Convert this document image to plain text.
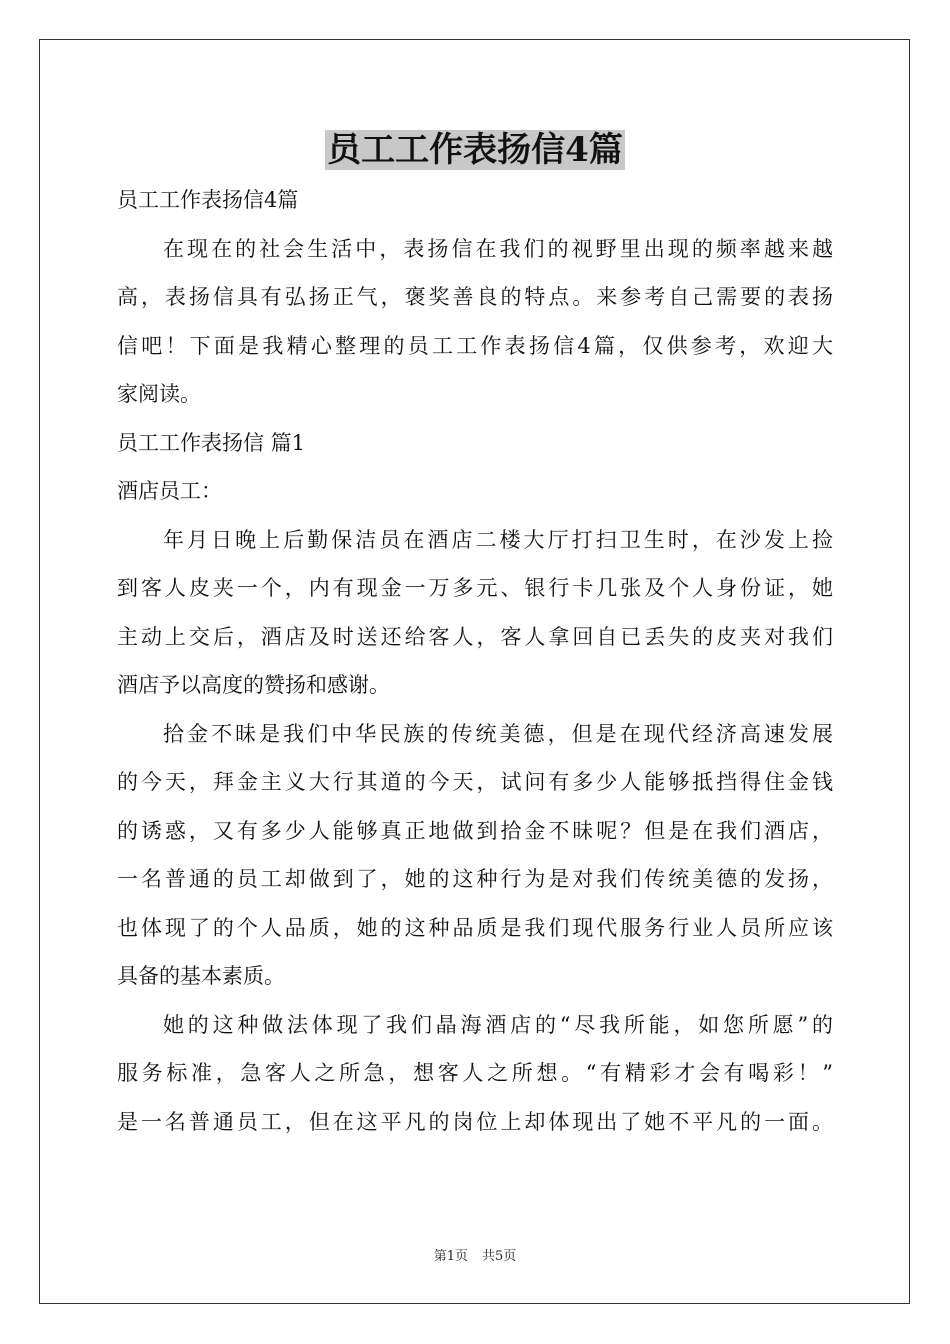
员工工作表扬信4篇

员工工作表扬信4篇

在现在的社会生活中，表扬信在我们的视野里出现的频率越来越

高，表扬信具有弘扬正气，褒奖善良的特点。来参考自己需要的表扬

信吧！下面是我精心整理的员工工作表扬信4篇，仅供参考，欢迎大

家阅读。

员工工作表扬信 篇1

酒店员工：

年月日晚上后勤保洁员在酒店二楼大厅打扫卫生时，在沙发上捡

到客人皮夹一个，内有现金一万多元、银行卡几张及个人身份证，她

主动上交后，酒店及时送还给客人，客人拿回自已丢失的皮夹对我们

酒店予以高度的赞扬和感谢。

拾金不昧是我们中华民族的传统美德，但是在现代经济高速发展

的今天，拜金主义大行其道的今天，试问有多少人能够抵挡得住金钱

的诱惑，又有多少人能够真正地做到拾金不昧呢？但是在我们酒店，

一名普通的员工却做到了，她的这种行为是对我们传统美德的发扬，

也体现了的个人品质，她的这种品质是我们现代服务行业人员所应该

具备的基本素质。

她的这种做法体现了我们晶海酒店的“尽我所能，如您所愿”的

服务标准，急客人之所急，想客人之所想。“有精彩才会有喝彩！”

是一名普通员工，但在这平凡的岗位上却体现出了她不平凡的一面。

第1页 共5页
